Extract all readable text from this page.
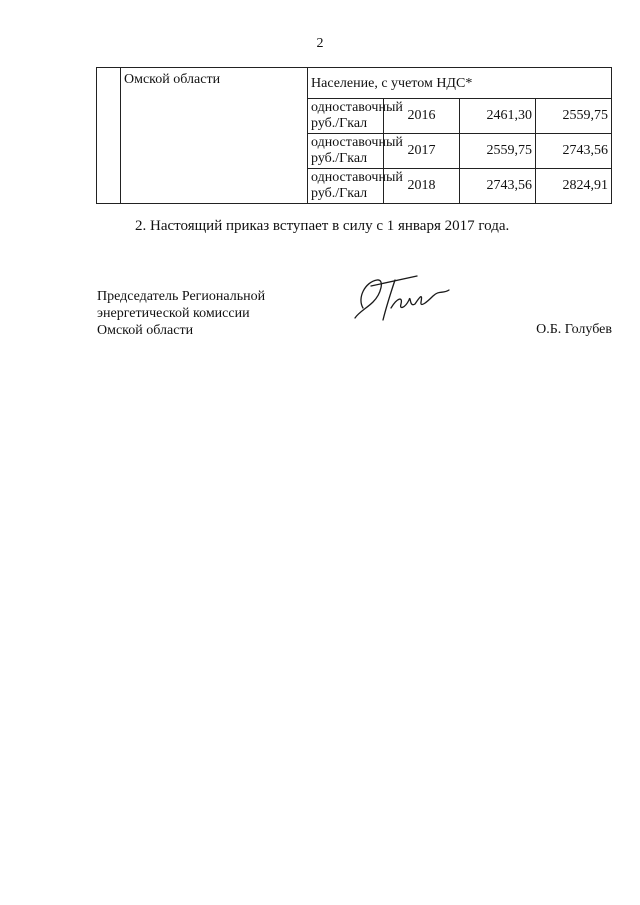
2
	Омской области	Население, с учетом НДС*			
		одноставочный
руб./Гкал	2016	2461,30	2559,75
		одноставочный
руб./Гкал	2017	2559,75	2743,56
		одноставочный
руб./Гкал	2018	2743,56	2824,91
2. Настоящий приказ вступает в силу с 1 января 2017 года.
Председатель Региональной
энергетической комиссии
Омской области	О.Б. Голубев
